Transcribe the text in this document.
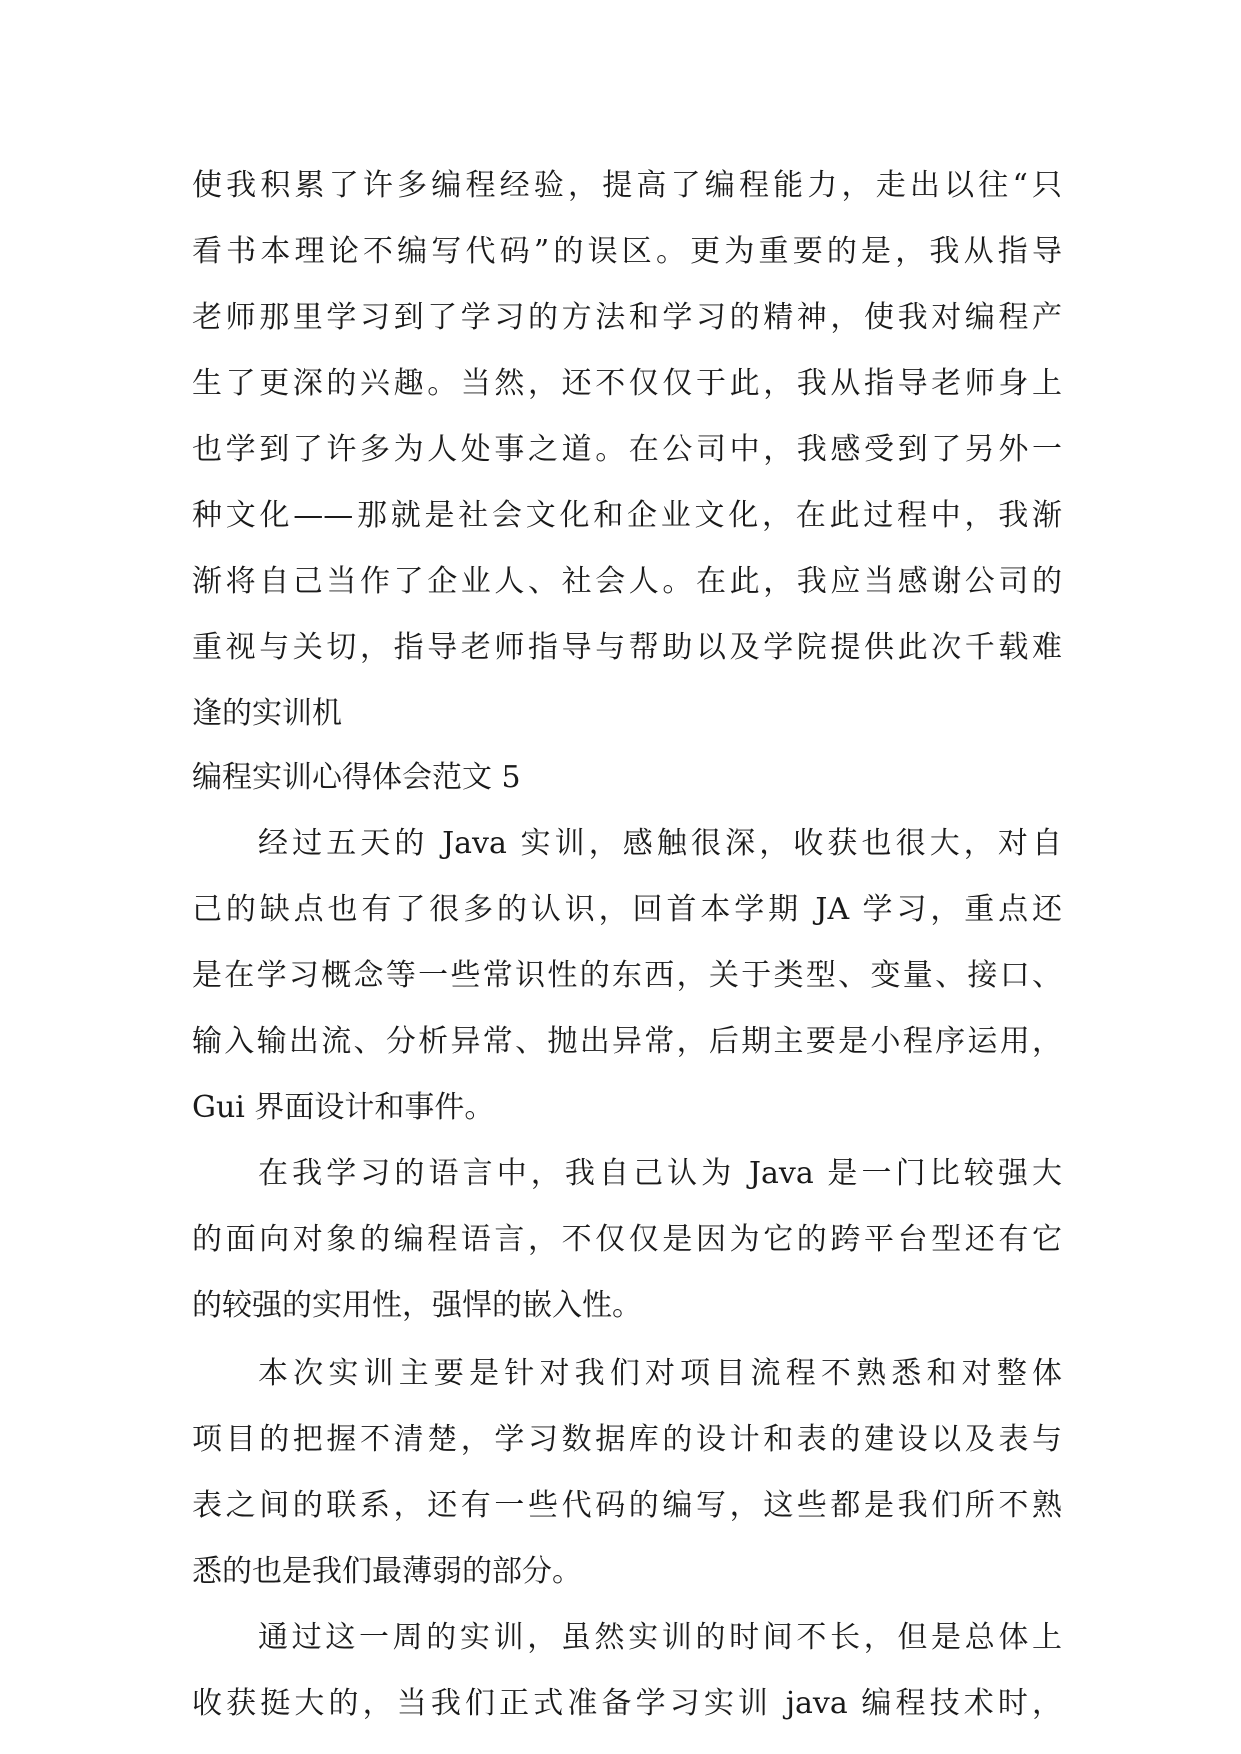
使我积累了许多编程经验，提高了编程能力，走出以往“只

看书本理论不编写代码”的误区。更为重要的是，我从指导

老师那里学习到了学习的方法和学习的精神，使我对编程产

生了更深的兴趣。当然，还不仅仅于此，我从指导老师身上

也学到了许多为人处事之道。在公司中，我感受到了另外一

种文化——那就是社会文化和企业文化，在此过程中，我渐

渐将自己当作了企业人、社会人。在此，我应当感谢公司的

重视与关切，指导老师指导与帮助以及学院提供此次千载难

逢的实训机

编程实训心得体会范文 5

经过五天的 Java 实训，感触很深，收获也很大，对自

己的缺点也有了很多的认识，回首本学期 JA 学习，重点还

是在学习概念等一些常识性的东西，关于类型、变量、接口、

输入输出流、分析异常、抛出异常，后期主要是小程序运用，

Gui 界面设计和事件。

在我学习的语言中，我自己认为 Java 是一门比较强大

的面向对象的编程语言，不仅仅是因为它的跨平台型还有它

的较强的实用性，强悍的嵌入性。

本次实训主要是针对我们对项目流程不熟悉和对整体

项目的把握不清楚，学习数据库的设计和表的建设以及表与

表之间的联系，还有一些代码的编写，这些都是我们所不熟

悉的也是我们最薄弱的部分。

通过这一周的实训，虽然实训的时间不长，但是总体上

收获挺大的，当我们正式准备学习实训 java 编程技术时，
